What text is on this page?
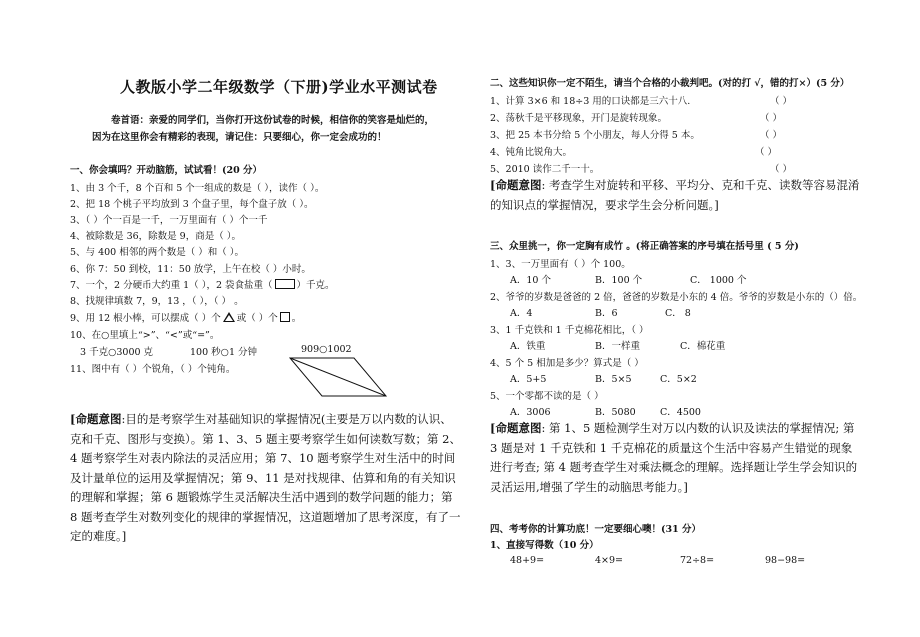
人教版小学二年级数学（下册)学业水平测试卷
卷首语：亲爱的同学们，当你打开这份试卷的时候，相信你的笑容是灿烂的，
因为在这里你会有精彩的表现，请记住：只要细心，你一定会成功的！
一、你会填吗？开动脑筋，试试看！(20 分）
1、由 3 个千，8 个百和 5 个一组成的数是（ ），读作（ ）。
2、把 18 个桃子平均放到 3 个盘子里，每个盘子放（ ）。
3、（ ）个一百是一千，一万里面有（ ）个一千
4、被除数是 36，除数是 9，商是（ ）。
5、与 400 相邻的两个数是（ ）和（ ）。
6、你 7：50 到校，11：50 放学，上午在校（ ）小时。
7、一个，2 分硬币大约重 1（ ），2 袋食盐重（	）千克。
8、找规律填数 7，9，13 ，（ ），（ ） 。
9、用 12 根小棒，可以摆成（ ）个 或（ ）个 。
10、在○里填上“>”、“<”或“=”。
3 千克○3000 克	100 秒○1 分钟	909○1002
11、图中有（ ）个锐角，（ ）个钝角。
[命题意图:目的是考察学生对基础知识的掌握情况(主要是万以内数的认识、克和千克、图形与变换）。第 1、3、5 题主要考察学生如何读数写数；第 2、4 题考察学生对表内除法的灵活应用；第 7、10 题考察学生对生活中的时间及计量单位的运用及掌握情况；第 9、11 是对找规律、估算和角的有关知识的理解和掌握；第 6 题锻炼学生灵活解决生活中遇到的数学问题的能力；第 8 题考查学生对数列变化的规律的掌握情况，这道题增加了思考深度，有了一定的难度。]
二、这些知识你一定不陌生，请当个合格的小裁判吧。(对的打 √，错的打×）(5 分）
1、计算 3×6 和 18÷3 用的口诀都是三六十八.	（ ）
2、荡秋千是平移现象，开门是旋转现象。	（ ）
3、把 25 本书分给 5 个小朋友，每人分得 5 本。	（ ）
4、钝角比锐角大。	（ ）
5、2010 读作二千一十。	（ ）
[命题意图: 考查学生对旋转和平移、平均分、克和千克、读数等容易混淆的知识点的掌握情况，要求学生会分析问题。]
三、众里挑一，你一定胸有成竹 。(将正确答案的序号填在括号里 ( 5 分)
1、3、一万里面有（ ）个 100。
A．10 个	B．100 个	C． 1000 个
2、爷爷的岁数是爸爸的 2 倍，爸爸的岁数是小东的 4 倍。爷爷的岁数是小东的（）倍。
A．4	B．6	C． 8
3、1 千克铁和 1 千克棉花相比，（ ）
A．铁重	B．一样重	C．棉花重
4、5 个 5 相加是多少？算式是（ ）
A．5+5	B．5×5	C．5×2
5、一个零都不读的是（ ）
A．3006	B．5080	C．4500
[命题意图: 第 1、5 题检测学生对万以内数的认识及读法的掌握情况; 第 3 题是对 1 千克铁和 1 千克棉花的质量这个生活中容易产生错觉的现象进行考查; 第 4 题考查学生对乘法概念的理解。选择题让学生学会知识的灵活运用,增强了学生的动脑思考能力。]
四、考考你的计算功底！一定要细心噢！(31 分）
1、直接写得数（10 分）
48+9=	4×9=	72÷8=	98−98=
